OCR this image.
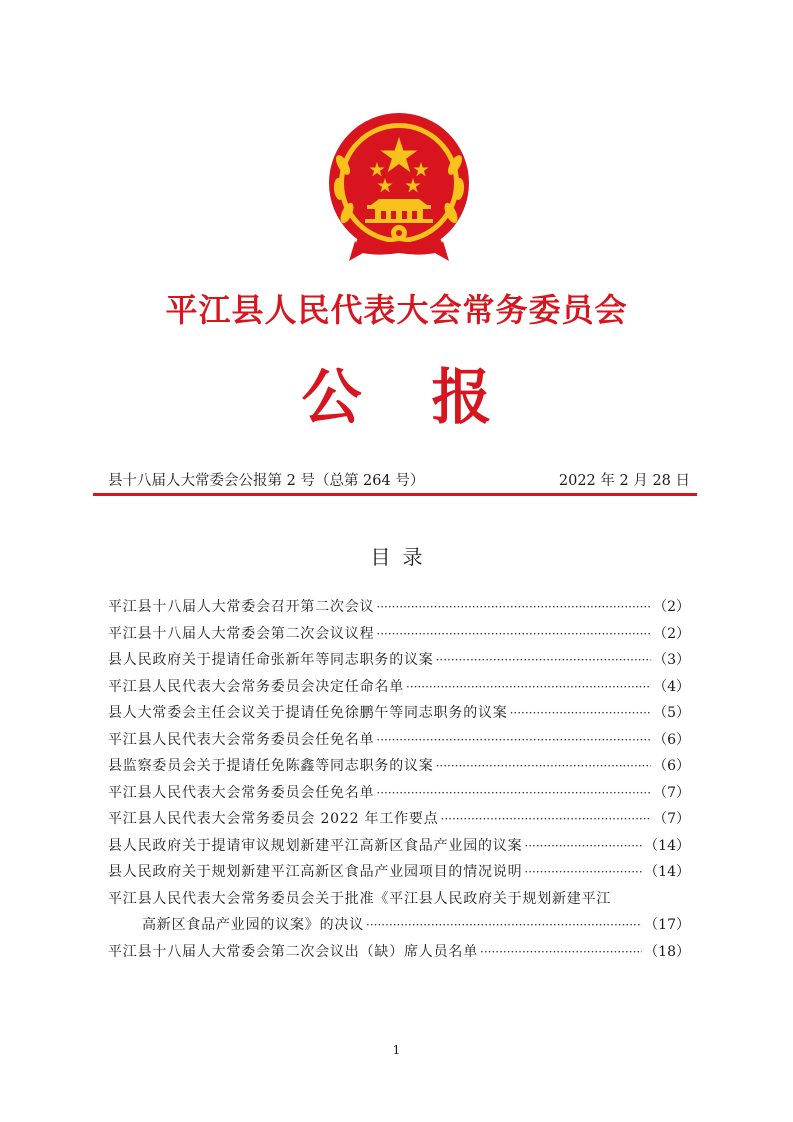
平江县人民代表大会常务委员会
公报
县十八届人大常委会公报第 2 号（总第 264 号）	2022 年 2 月 28 日
目录
平江县十八届人大常委会召开第二次会议 ·····	（2）
平江县十八届人大常委会第二次会议议程 ·····	（2）
县人民政府关于提请任命张新年等同志职务的议案 ·····	（3）
平江县人民代表大会常务委员会决定任命名单 ·····	（4）
县人大常委会主任会议关于提请任免徐鹏午等同志职务的议案 ·····	（5）
平江县人民代表大会常务委员会任免名单 ·····	（6）
县监察委员会关于提请任免陈鑫等同志职务的议案 ·····	（6）
平江县人民代表大会常务委员会任免名单 ·····	（7）
平江县人民代表大会常务委员会 2022 年工作要点 ·····	（7）
县人民政府关于提请审议规划新建平江高新区食品产业园的议案 ·····	（14）
县人民政府关于规划新建平江高新区食品产业园项目的情况说明 ·····	（14）
平江县人民代表大会常务委员会关于批准《平江县人民政府关于规划新建平江
高新区食品产业园的议案》的决议 ·····	（17）
平江县十八届人大常委会第二次会议出（缺）席人员名单 ·····	（18）
1
